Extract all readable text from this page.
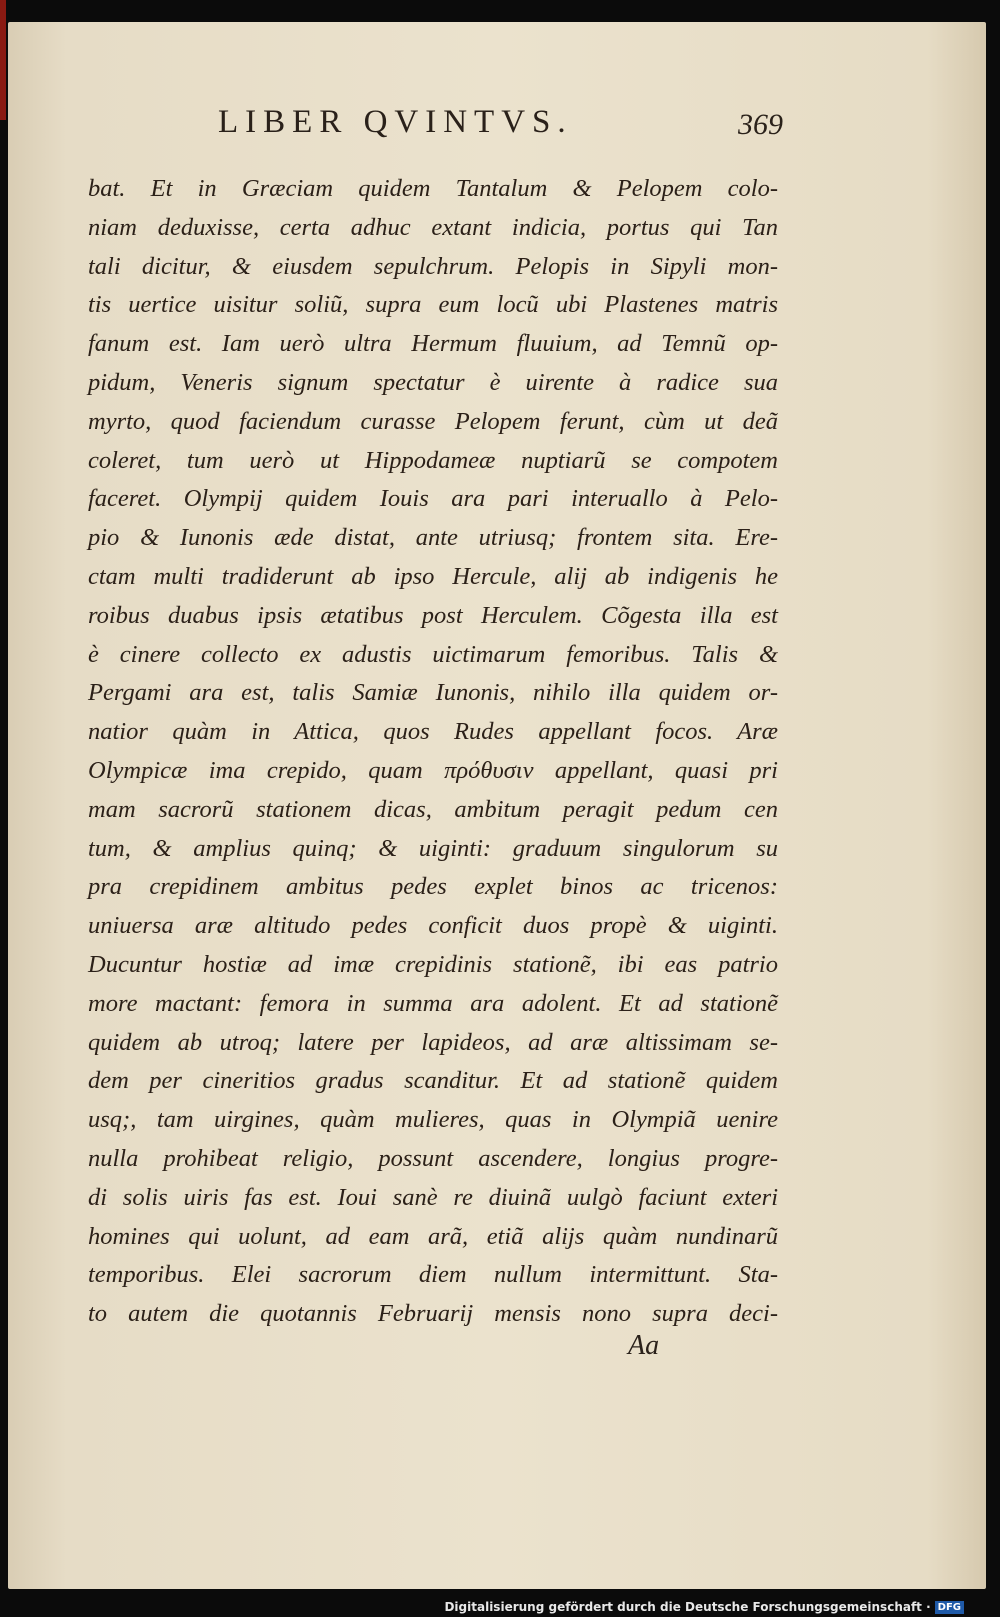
LIBER QVINTVS.	369
bat. Et in Græciam quidem Tantalum & Pelopem colo-
niam deduxisse, certa adhuc extant indicia, portus qui Tan
tali dicitur, & eiusdem sepulchrum. Pelopis in Sipyli mon-
tis uertice uisitur soliũ, supra eum locũ ubi Plastenes matris
fanum est. Iam uerò ultra Hermum fluuium, ad Temnũ op-
pidum, Veneris signum spectatur è uirente à radice sua
myrto, quod faciendum curasse Pelopem ferunt, cùm ut deã
coleret, tum uerò ut Hippodameæ nuptiarũ se compotem
faceret. Olympij quidem Iouis ara pari interuallo à Pelo-
pio & Iunonis æde distat, ante utriusq; frontem sita. Ere-
ctam multi tradiderunt ab ipso Hercule, alij ab indigenis he
roibus duabus ipsis ætatibus post Herculem. Cõgesta illa est
è cinere collecto ex adustis uictimarum femoribus. Talis &
Pergami ara est, talis Samiæ Iunonis, nihilo illa quidem or-
natior quàm in Attica, quos Rudes appellant focos. Aræ
Olympicæ ima crepido, quam πρόθυσιν appellant, quasi pri
mam sacrorũ stationem dicas, ambitum peragit pedum cen
tum, & amplius quinq; & uiginti: graduum singulorum su
pra crepidinem ambitus pedes explet binos ac tricenos:
uniuersa aræ altitudo pedes conficit duos propè & uiginti.
Ducuntur hostiæ ad imæ crepidinis stationẽ, ibi eas patrio
more mactant: femora in summa ara adolent. Et ad stationẽ
quidem ab utroq; latere per lapideos, ad aræ altissimam se-
dem per cineritios gradus scanditur. Et ad stationẽ quidem
usq;, tam uirgines, quàm mulieres, quas in Olympiã uenire
nulla prohibeat religio, possunt ascendere, longius progre-
di solis uiris fas est. Ioui sanè re diuinã uulgò faciunt exteri
homines qui uolunt, ad eam arã, etiã alijs quàm nundinarũ
temporibus. Elei sacrorum diem nullum intermittunt. Sta-
to autem die quotannis Februarij mensis nono supra deci-
Aa
Digitalisierung gefördert durch die Deutsche Forschungsgemeinschaft · DFG
